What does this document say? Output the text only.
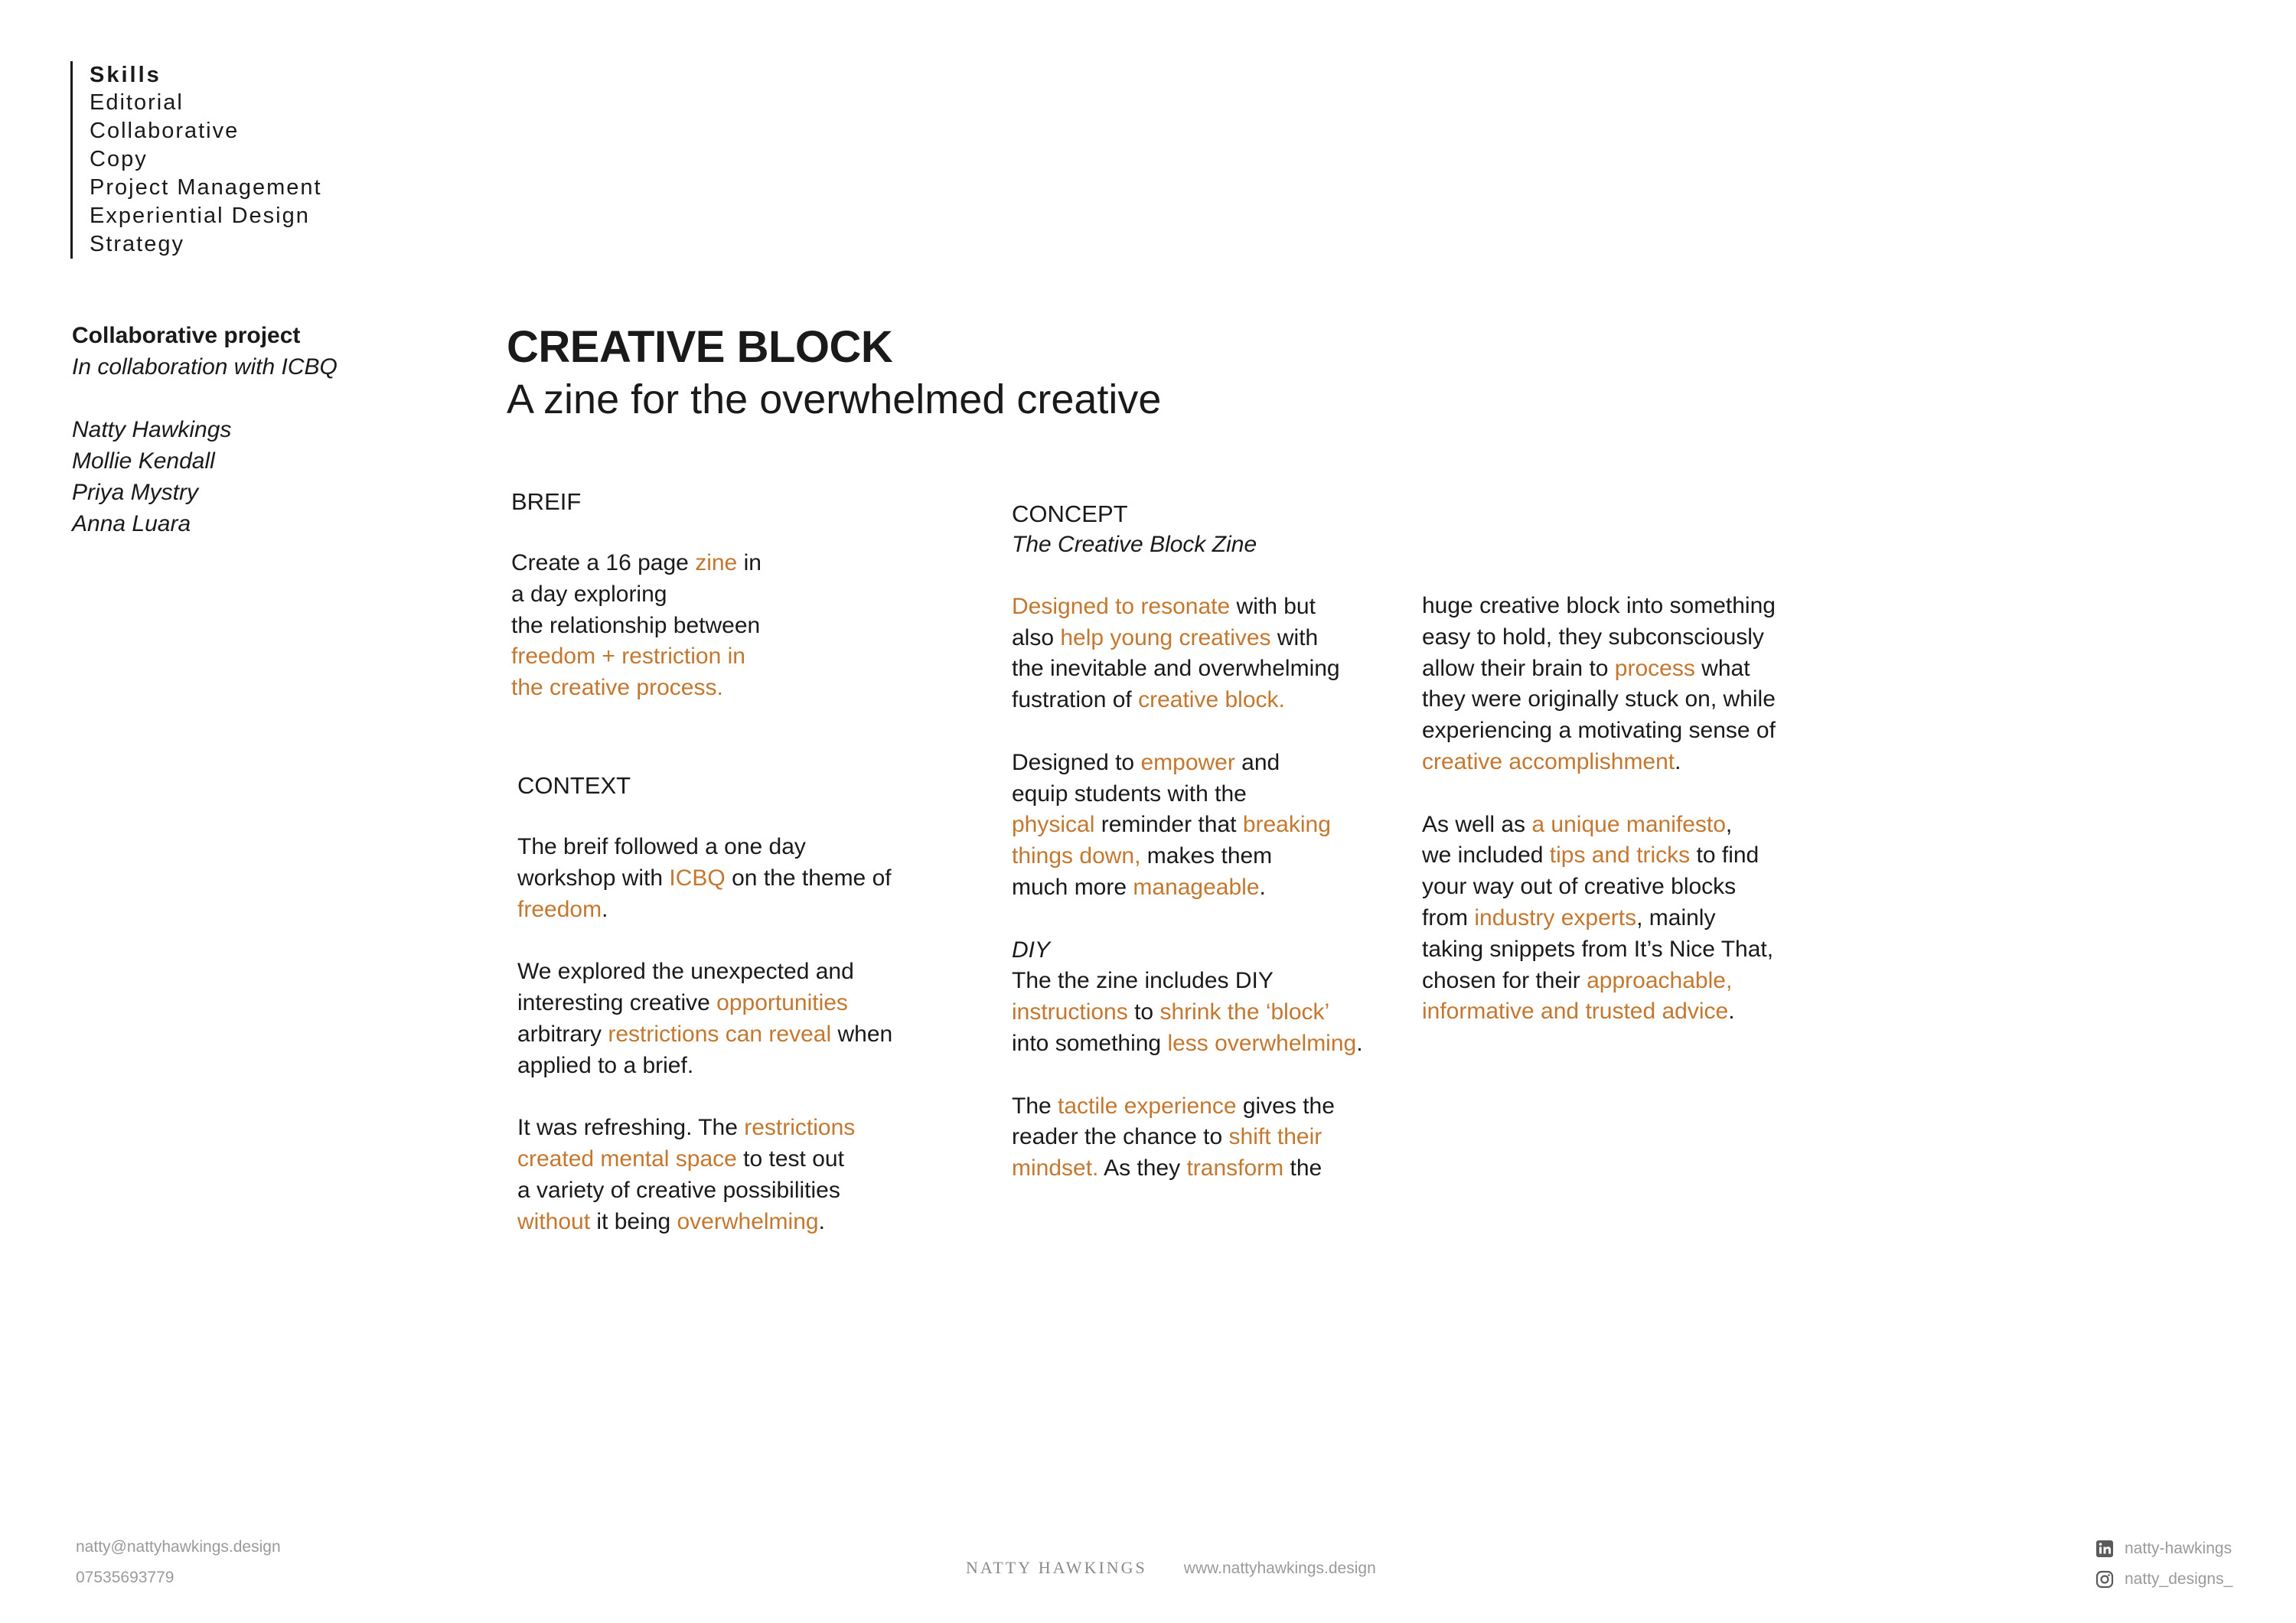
Skills
Editorial
Collaborative
Copy
Project Management
Experiential Design
Strategy
Collaborative project
In collaboration with ICBQ
Natty Hawkings
Mollie Kendall
Priya Mystry
Anna Luara
CREATIVE BLOCK
A zine for the overwhelmed creative
BREIF
Create a 16 page zine in
a day exploring
the relationship between
freedom + restriction in
the creative process.
CONTEXT
The breif followed a one day
workshop with ICBQ on the theme of
freedom.
We explored the unexpected and
interesting creative opportunities
arbitrary restrictions can reveal when
applied to a brief.
It was refreshing. The restrictions
created mental space to test out
a variety of creative possibilities
without it being overwhelming.
CONCEPT
The Creative Block Zine
Designed to resonate with but
also help young creatives with
the inevitable and overwhelming
fustration of creative block.
Designed to empower and
equip students with the
physical reminder that breaking
things down, makes them
much more manageable.
DIY
The the zine includes DIY
instructions to shrink the ‘block’
into something less overwhelming.
The tactile experience gives the
reader the chance to shift their
mindset. As they transform the
huge creative block into something
easy to hold, they subconsciously
allow their brain to process what
they were originally stuck on, while
experiencing a motivating sense of
creative accomplishment.
As well as a unique manifesto,
we included tips and tricks to find
your way out of creative blocks
from industry experts, mainly
taking snippets from It’s Nice That,
chosen for their approachable,
informative and trusted advice.
natty@nattyhawkings.design
07535693779
NATTY HAWKINGS www.nattyhawkings.design
natty-hawkings
natty_designs_
